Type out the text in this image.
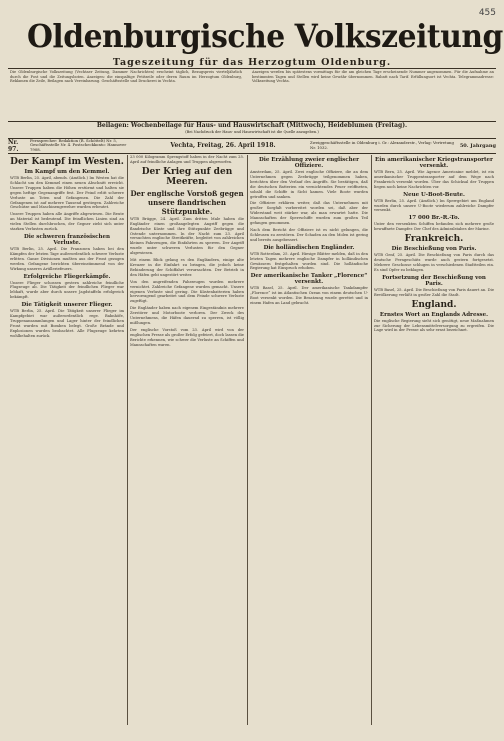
455
Oldenburgische Volkszeitung
Tageszeitung für das Herzogtum Oldenburg.
Die Oldenburgische Volkszeitung (Vechtaer Zeitung, Dammer Nachrichten) erscheint täglich, Bezugspreis vierteljährlich durch die Post und die Zeitungsboten. Anzeigen: die einspaltige Petitzeile oder deren Raum im Herzogtum Oldenburg, Reklamen die Zeile, Beilagen nach Vereinbarung. Geschäftsstelle und Druckerei in Vechta.
Anzeigen werden bis spätestens vormittags für die am gleichen Tage erscheinende Nummer angenommen. Für die Aufnahme an bestimmten Tagen und Stellen wird keine Gewähr übernommen. Rabatt nach Tarif. Erfüllungsort ist Vechta. Telegrammadresse: Volkszeitung Vechta.
Beilagen: Wochenbeilage für Haus- und Hauswirtschaft (Mittwoch), Heideblumen (Freitag).
(Bei Nachdruck der Haus- und Hauswirtschaft ist die Quelle anzugeben.)
Nr. 97.
Fernsprecher: Redaktion (R. Schöttelt) Nr. 5, Geschäftsstelle Nr. 4. Postscheckkonto: Hannover 7908.
Vechta, Freitag, 26. April 1918.	Zweiggeschäftsstelle in Oldenburg i. Gr.: Alexanderstr., Verlag: Vertretung Nr. 1032.	50. Jahrgang
Der Kampf im Westen.
Im Kampf um den Kemmel.
WTB Berlin, 25. April, abends. (Amtlich.) Im Westen hat die Schlacht um den Kemmel einen neuen Abschnitt erreicht. Unsere Truppen haben die Höhen erstürmt und halten sie gegen heftige Gegenangriffe fest. Der Feind erlitt schwere Verluste an Toten und Gefangenen. Die Zahl der Gefangenen ist auf mehrere Tausend gestiegen. Zahlreiche Geschütze und Maschinengewehre wurden erbeutet.
Unsere Truppen haben alle Angriffe abgewiesen. Die Beute an Material ist bedeutend. Die feindlichen Linien sind an vielen Stellen durchbrochen, der Gegner zieht sich unter starken Verlusten zurück.
Die schweren französischen Verluste.
WTB Berlin, 25. April. Die Franzosen haben bei den Kämpfen der letzten Tage außerordentlich schwere Verluste erlitten. Ganze Divisionen mußten aus der Front gezogen werden. Gefangene berichten übereinstimmend von der Wirkung unseres Artilleriefeuers.
Erfolgreiche Fliegerkämpfe.
Unsere Flieger schossen gestern zahlreiche feindliche Flugzeuge ab. Die Tätigkeit der feindlichen Flieger war lebhaft, wurde aber durch unsere Jagdstaffeln erfolgreich bekämpft.
Die Tätigkeit unserer Flieger.
WTB Berlin, 25. April. Die Tätigkeit unserer Flieger im Kampfgebiet war außerordentlich rege. Bahnhöfe, Truppenansammlungen und Lager hinter der feindlichen Front wurden mit Bomben belegt. Große Brände und Explosionen wurden beobachtet. Alle Flugzeuge kehrten wohlbehalten zurück.
23 000 Kilogramm Sprengstoff haben in der Nacht zum 25. April auf feindliche Anlagen und Truppen abgeworfen.
Der Krieg auf den Meeren.
Der englische Vorstoß gegen unsere flandrischen Stützpunkte.
WTB Brügge, 24. April. Zum dritten Male haben die Engländer einen großangelegten Angriff gegen die flandrische Küste und ihre Stützpunkte Zeebrügge und Ostende unternommen. In der Nacht zum 23. April versuchten englische Streitkräfte, begleitet von zahlreichen kleinen Fahrzeugen, die Einfahrten zu sperren. Der Angriff wurde unter schweren Verlusten für den Gegner abgewiesen.
Mit einem Blick gelang es den Engländern, einige alte Kreuzer in die Einfahrt zu bringen, die jedoch keine Behinderung der Schiffahrt verursachten. Der Betrieb in den Häfen geht ungestört weiter.
Von den angreifenden Fahrzeugen wurden mehrere vernichtet. Zahlreiche Gefangene wurden gemacht. Unsere eigenen Verluste sind gering. Die Küstenbatterien haben hervorragend gearbeitet und dem Feinde schwere Verluste zugefügt.
Die Engländer haben nach eigenem Eingeständnis mehrere Zerstörer und Motorboote verloren. Der Zweck des Unternehmens, die Häfen dauernd zu sperren, ist völlig mißlungen.
Der englische Vorstoß vom 23. April wird von der englischen Presse als großer Erfolg gefeiert, doch lassen die Berichte erkennen, wie schwer die Verluste an Schiffen und Mannschaften waren.
Die Erzählung zweier englischer Offiziere.
Amsterdam, 25. April. Zwei englische Offiziere, die an dem Unternehmen gegen Zeebrügge teilgenommen haben, berichten über den Verlauf des Angriffs. Sie bestätigen, daß die deutschen Batterien ein vernichtendes Feuer eröffneten, sobald die Schiffe in Sicht kamen. Viele Boote wurden getroffen und sanken.
Die Offiziere erklären weiter, daß das Unternehmen mit großer Sorgfalt vorbereitet worden sei, daß aber der Widerstand weit stärker war, als man erwartet hatte. Die Mannschaften der Sperrschiffe wurden zum großen Teil gefangen genommen.
Nach dem Bericht der Offiziere ist es nicht gelungen, die Schleusen zu zerstören. Der Schaden an den Molen ist gering und bereits ausgebessert.
Die holländischen Engländer.
WTB Rotterdam, 25. April. Hiesige Blätter melden, daß in den letzten Tagen mehrere englische Dampfer in holländischen Gewässern festgehalten worden sind. Die holländische Regierung hat Einspruch erhoben.
Der amerikanische Tanker „Florence“ versenkt.
WTB Basel, 25. April. Der amerikanische Tankdampfer „Florence“ ist im Atlantischen Ozean von einem deutschen U-Boot versenkt worden. Die Besatzung wurde gerettet und in einem Hafen an Land gebracht.
Ein amerikanischer Kriegstransporter versenkt.
WTB Bern, 25. April. Wie Agence Americaine meldet, ist ein amerikanischer Truppentransporter auf dem Wege nach Frankreich versenkt worden. Über das Schicksal der Truppen liegen noch keine Nachrichten vor.
Neue U-Boot-Beute.
WTB Berlin, 25. April. (Amtlich.) Im Sperrgebiet um England wurden durch unsere U-Boote wiederum zahlreiche Dampfer versenkt.
17 000 Br.-R.-To.
Unter den versenkten Schiffen befanden sich mehrere große bewaffnete Dampfer. Der Chef des Admiralstabes der Marine.
Frankreich.
Die Beschießung von Paris.
WTB Genf, 25. April. Die Beschießung von Paris durch das deutsche Ferngeschütz wurde auch gestern fortgesetzt. Mehrere Geschosse schlugen in verschiedenen Stadtteilen ein. Es sind Opfer zu beklagen.
Fortsetzung der Beschießung von Paris.
WTB Basel, 25. April. Die Beschießung von Paris dauert an. Die Bevölkerung verläßt in großer Zahl die Stadt.
England.
Ernstes Wort an Englands Adresse.
Die englische Regierung sieht sich genötigt, neue Maßnahmen zur Sicherung der Lebensmittelversorgung zu ergreifen. Die Lage wird in der Presse als sehr ernst bezeichnet.
